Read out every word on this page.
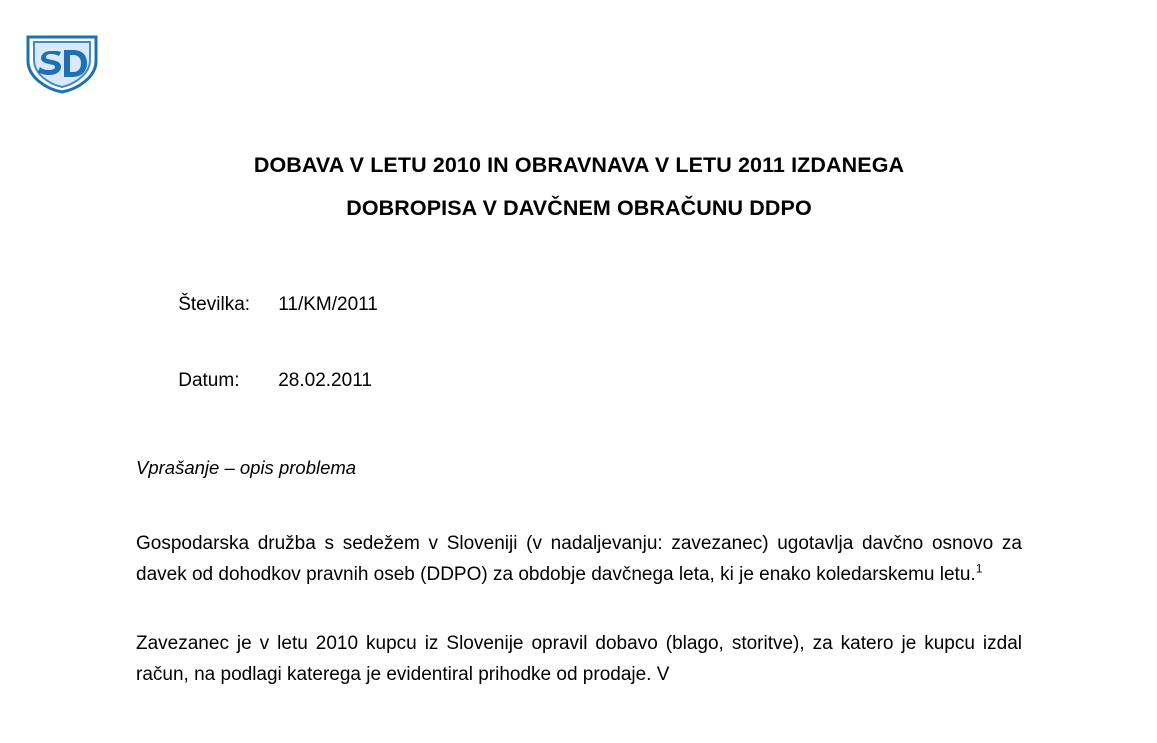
DOBAVA V LETU 2010 IN OBRAVNAVA V LETU 2011 IZDANEGA
DOBROPISA V DAVČNEM OBRAČUNU DDPO

Številka: 11/KM/2011

Datum: 28.02.2011

Vprašanje – opis problema

Gospodarska družba s sedežem v Sloveniji (v nadaljevanju: zavezanec) ugotavlja davčno osnovo za davek od dohodkov pravnih oseb (DDPO) za obdobje davčnega leta, ki je enako koledarskemu letu.$^1$

Zavezanec je v letu 2010 kupcu iz Slovenije opravil dobavo (blago, storitve), za katero je kupcu izdal račun, na podlagi katerega je evidentiral prihodke od prodaje. V
